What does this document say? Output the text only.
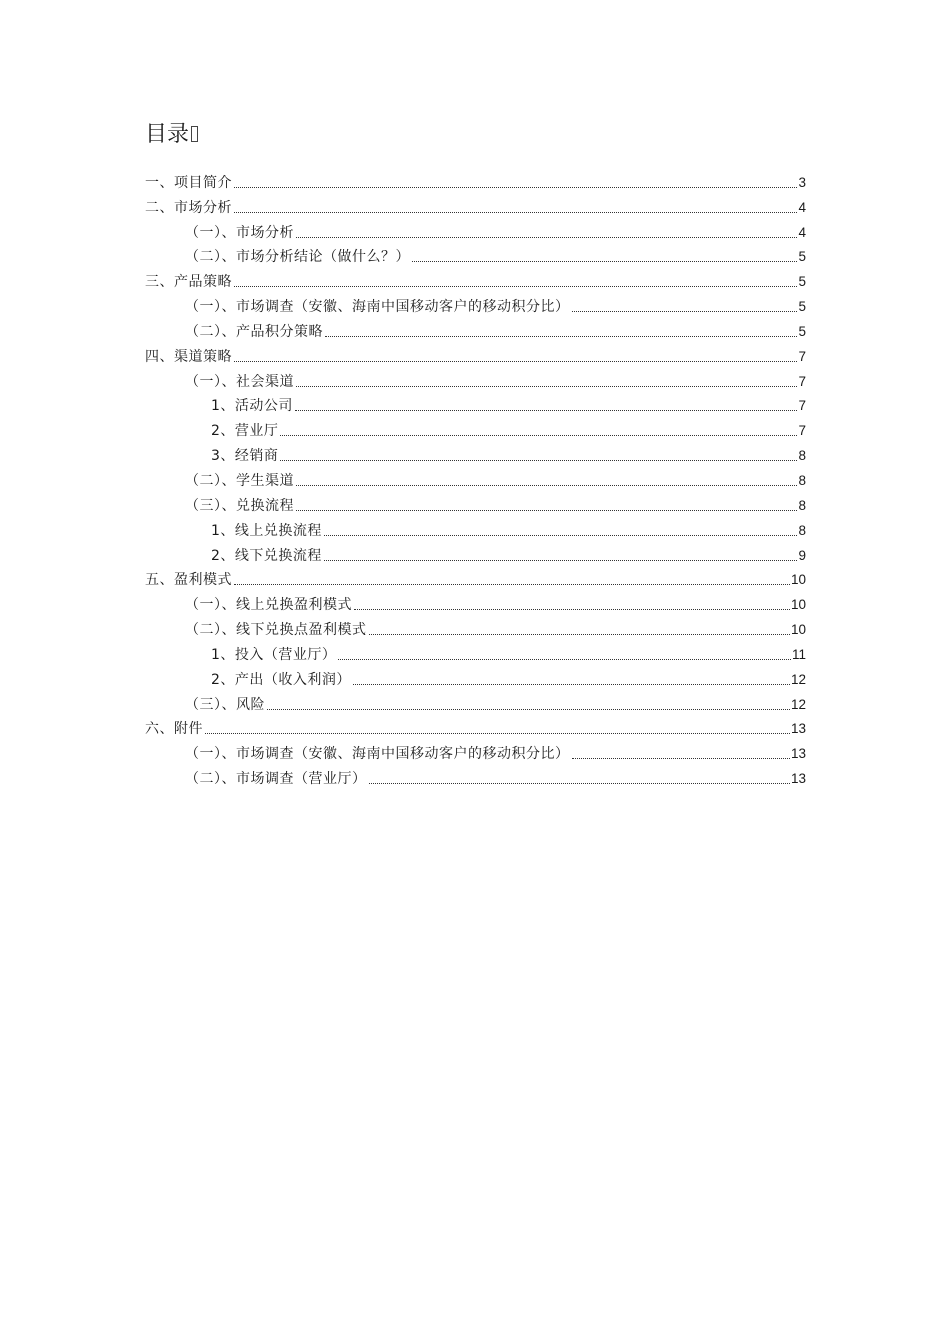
目录
一、项目简介	3
二、市场分析	4
（一）、市场分析	4
（二）、市场分析结论（做什么？）	5
三、产品策略	5
（一）、市场调查（安徽、海南中国移动客户的移动积分比）	5
（二）、产品积分策略	5
四、渠道策略	7
（一）、社会渠道	7
1、活动公司	7
2、营业厅	7
3、经销商	8
（二）、学生渠道	8
（三）、兑换流程	8
1、线上兑换流程	8
2、线下兑换流程	9
五、盈利模式	10
（一）、线上兑换盈利模式	10
（二）、线下兑换点盈利模式	10
1、投入（营业厅）	11
2、产出（收入利润）	12
（三）、风险	12
六、附件	13
（一）、市场调查（安徽、海南中国移动客户的移动积分比）	13
（二）、市场调查（营业厅）	13
